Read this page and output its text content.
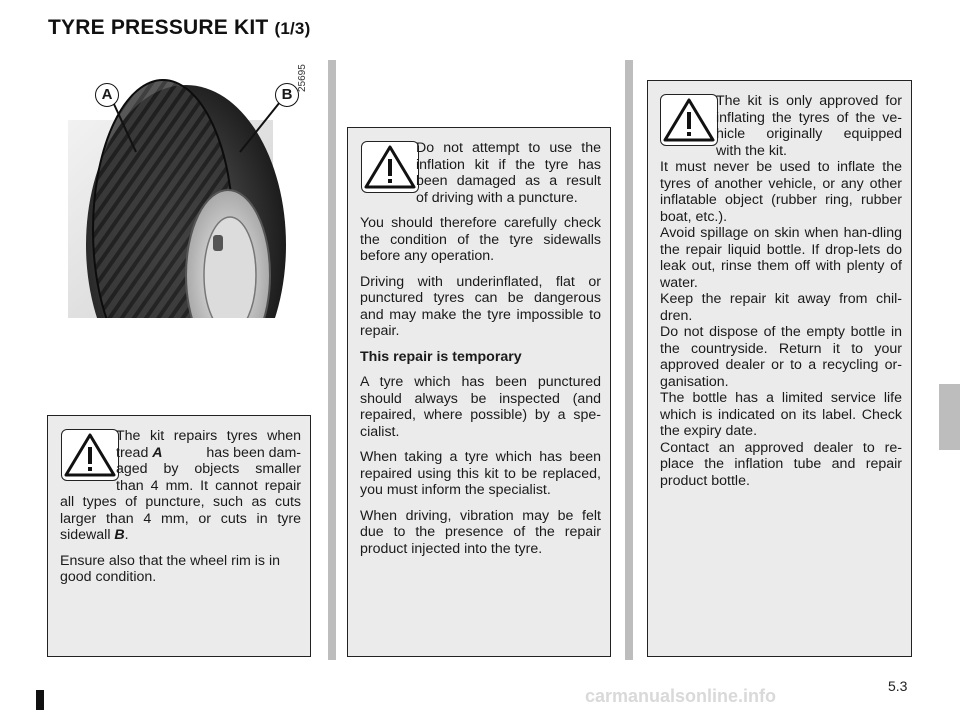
TYRE PRESSURE KIT (1/3)
A	B
25695
The kit repairs tyres when
tread A	has been dam-
aged by objects smaller
than 4 mm. It cannot repair
all types of puncture, such as cuts
larger than 4 mm, or cuts in tyre
sidewall B.

Ensure also that the wheel rim is in good condition.

Do not attempt to use the
inflation kit if the tyre has
been damaged as a result
of driving with a puncture.

You should therefore carefully check the condition of the tyre sidewalls before any operation.

Driving with underinflated, flat or punctured tyres can be dangerous and may make the tyre impossible to repair.

This repair is temporary

A tyre which has been punctured should always be inspected (and repaired, where possible) by a spe-cialist.

When taking a tyre which has been repaired using this kit to be replaced, you must inform the specialist.

When driving, vibration may be felt due to the presence of the repair product injected into the tyre.

The kit is only approved for
inflating the tyres of the ve-
hicle originally equipped
with the kit.
It must never be used to inflate the tyres of another vehicle, or any other inflatable object (rubber ring, rubber boat, etc.).
Avoid spillage on skin when han-dling the repair liquid bottle. If drop-lets do leak out, rinse them off with plenty of water.
Keep the repair kit away from chil-dren.
Do not dispose of the empty bottle in the countryside. Return it to your approved dealer or to a recycling or-ganisation.
The bottle has a limited service life which is indicated on its label. Check the expiry date.
Contact an approved dealer to re-place the inflation tube and repair product bottle.
5.3
carmanualsonline.info
